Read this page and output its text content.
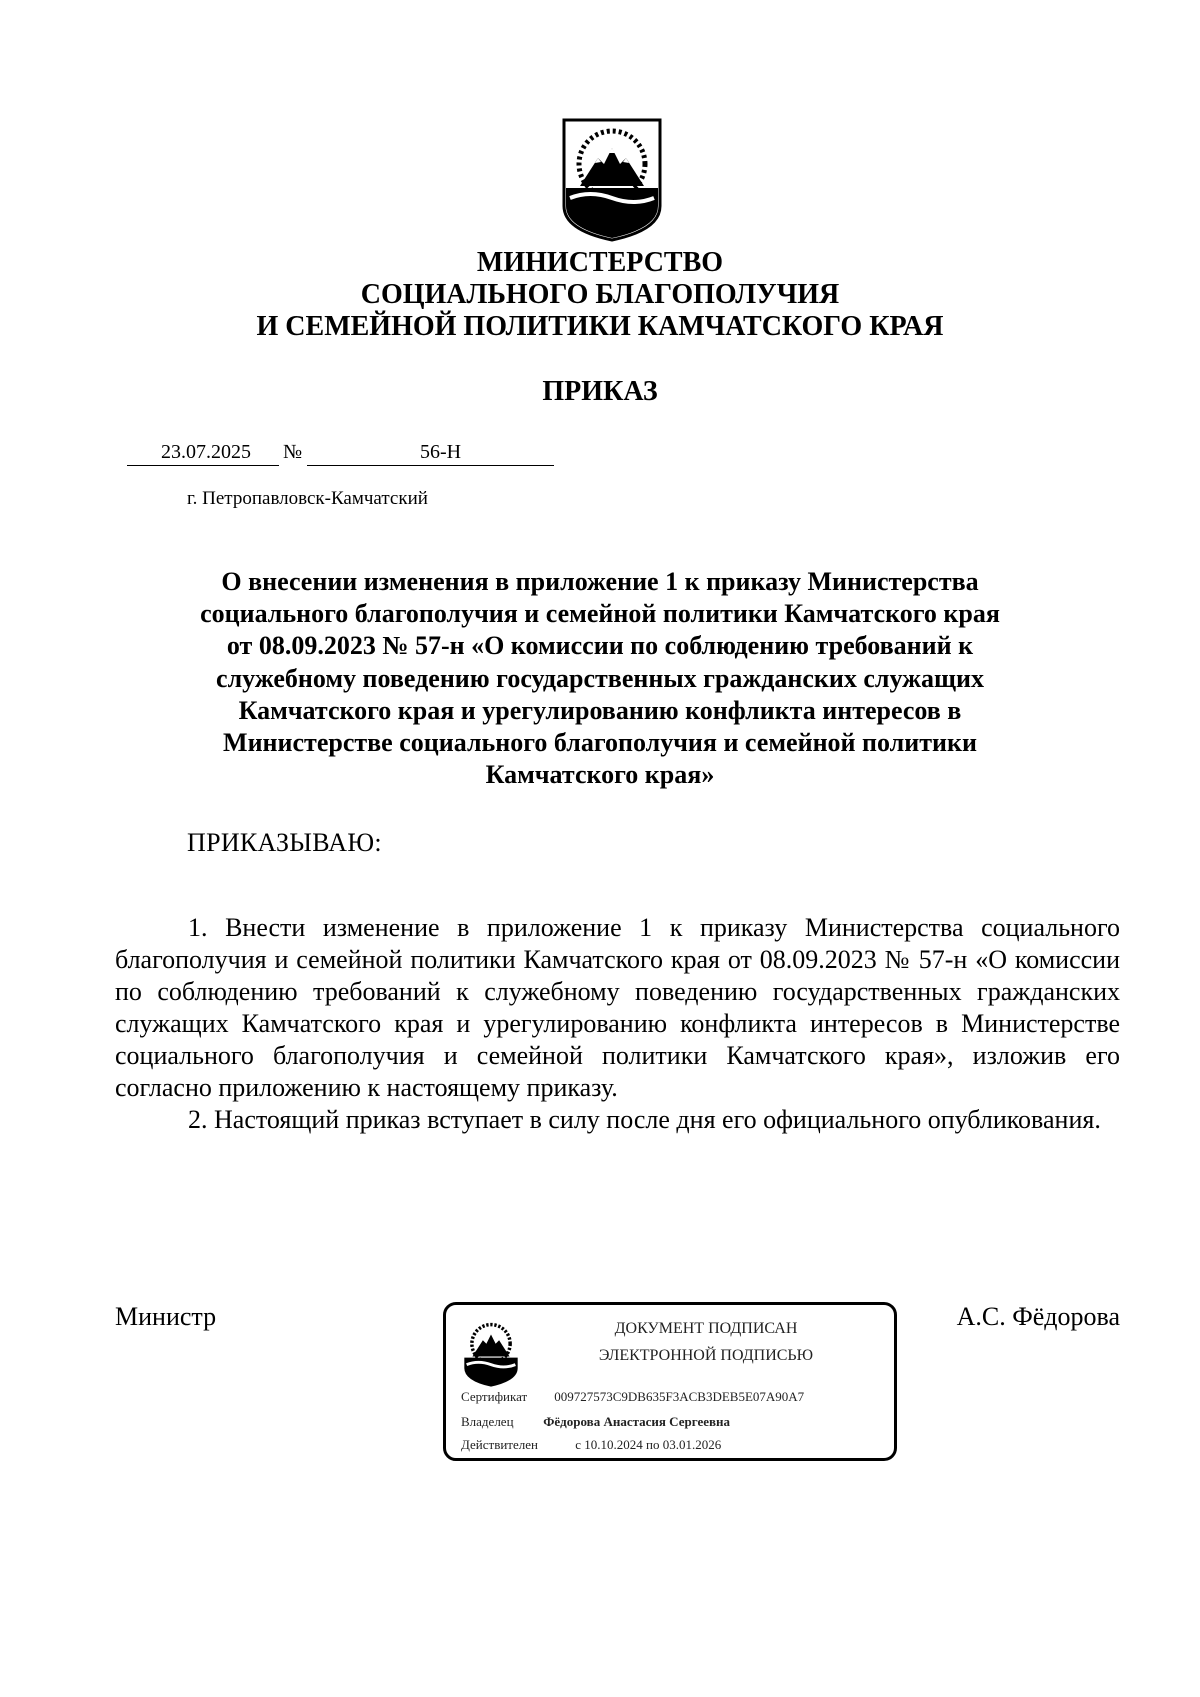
МИНИСТЕРСТВО
СОЦИАЛЬНОГО БЛАГОПОЛУЧИЯ
И СЕМЕЙНОЙ ПОЛИТИКИ КАМЧАТСКОГО КРАЯ
ПРИКАЗ
23.07.2025 №	56-Н
г. Петропавловск-Камчатский
О внесении изменения в приложение 1 к приказу Министерства
социального благополучия и семейной политики Камчатского края
от 08.09.2023 № 57-н «О комиссии по соблюдению требований к
служебному поведению государственных гражданских служащих
Камчатского края и урегулированию конфликта интересов в
Министерстве социального благополучия и семейной политики
Камчатского края»
ПРИКАЗЫВАЮ:

1. Внести изменение в приложение 1 к приказу Министерства социального благополучия и семейной политики Камчатского края от 08.09.2023 № 57-н «О комиссии по соблюдению требований к служебному поведению государственных гражданских служащих Камчатского края и урегулированию конфликта интересов в Министерстве социального благополучия и семейной политики Камчатского края», изложив его согласно приложению к настоящему приказу.

2. Настоящий приказ вступает в силу после дня его официального опубликования.

Министр	А.С. Фёдорова
ДОКУМЕНТ ПОДПИСАН
ЭЛЕКТРОННОЙ ПОДПИСЬЮ
Сертификат 009727573C9DB635F3ACB3DEB5E07A90A7
Владелец Фёдорова Анастасия Сергеевна
Действителен	с 10.10.2024 по 03.01.2026
